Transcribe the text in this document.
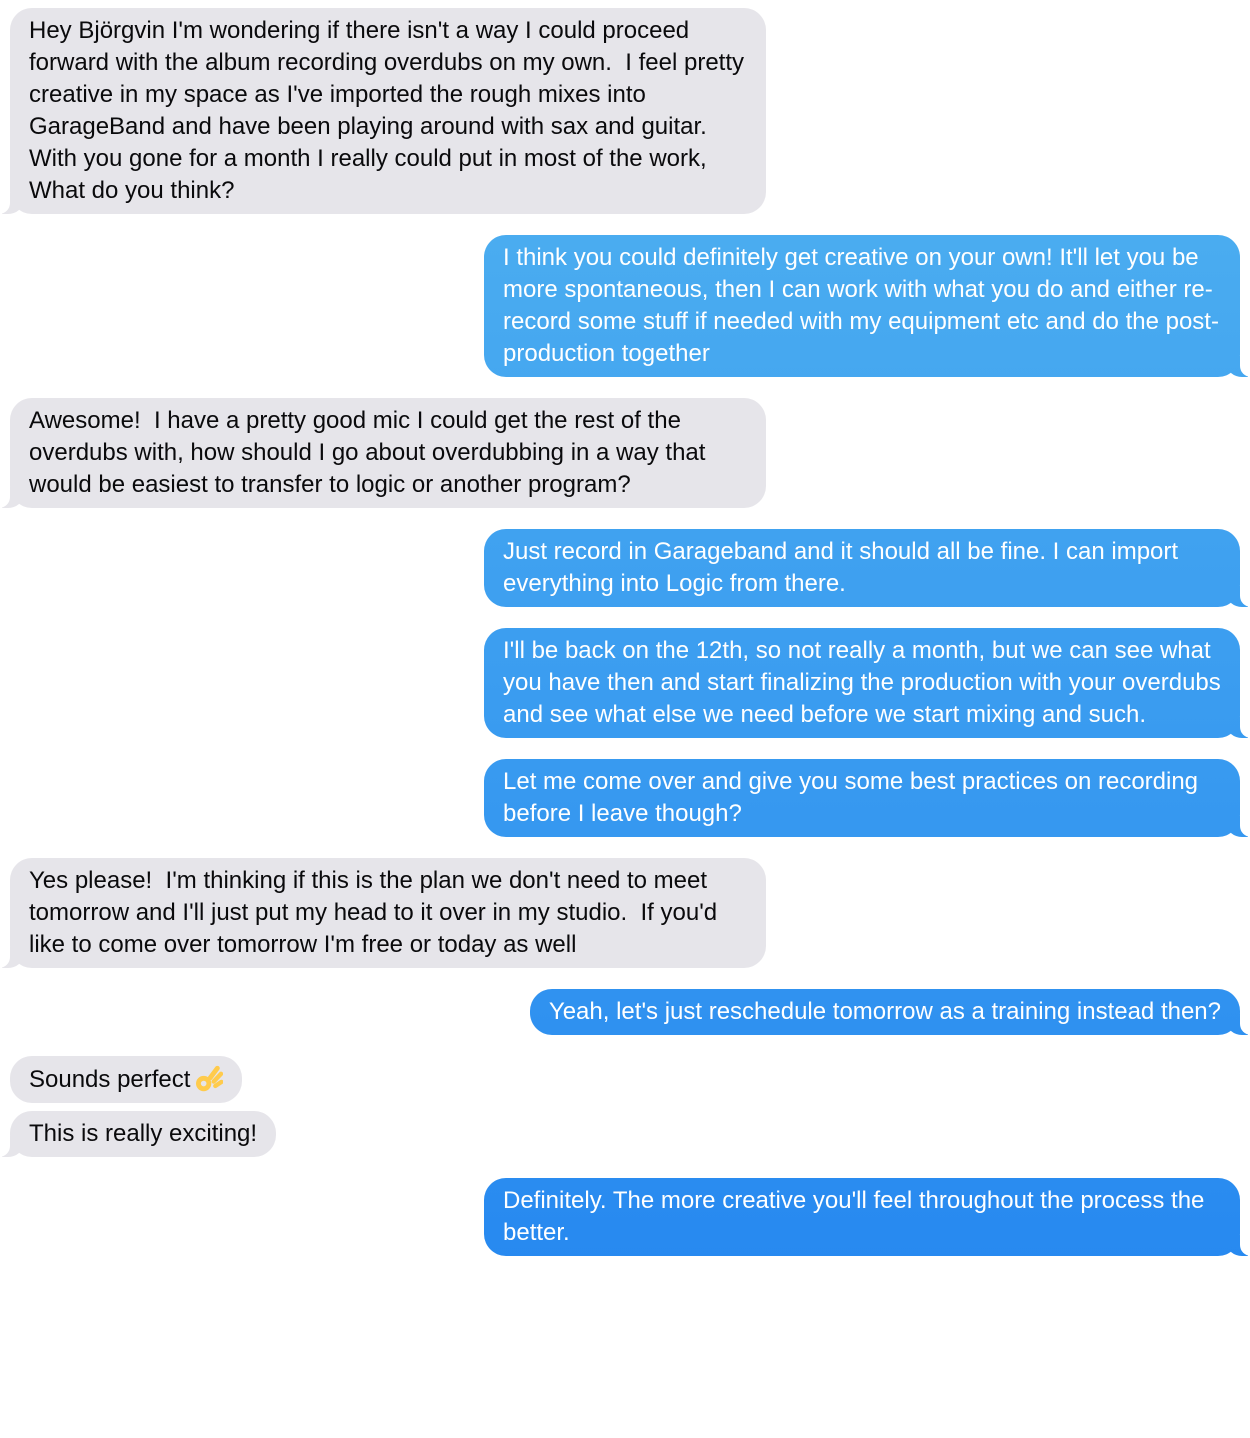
Hey Björgvin I'm wondering if there isn't a way I could proceed forward with the album recording overdubs on my own.  I feel pretty creative in my space as I've imported the rough mixes into GarageBand and have been playing around with sax and guitar.  With you gone for a month I really could put in most of the work, What do you think?
I think you could definitely get creative on your own! It'll let you be more spontaneous, then I can work with what you do and either re-record some stuff if needed with my equipment etc and do the post-production together
Awesome!  I have a pretty good mic I could get the rest of the overdubs with, how should I go about overdubbing in a way that would be easiest to transfer to logic or another program?
Just record in Garageband and it should all be fine. I can import everything into Logic from there.
I'll be back on the 12th, so not really a month, but we can see what you have then and start finalizing the production with your overdubs and see what else we need before we start mixing and such.
Let me come over and give you some best practices on recording before I leave though?
Yes please!  I'm thinking if this is the plan we don't need to meet tomorrow and I'll just put my head to it over in my studio.  If you'd like to come over tomorrow I'm free or today as well
Yeah, let's just reschedule tomorrow as a training instead then?
Sounds perfect
This is really exciting!
Definitely. The more creative you'll feel throughout the process the better.
